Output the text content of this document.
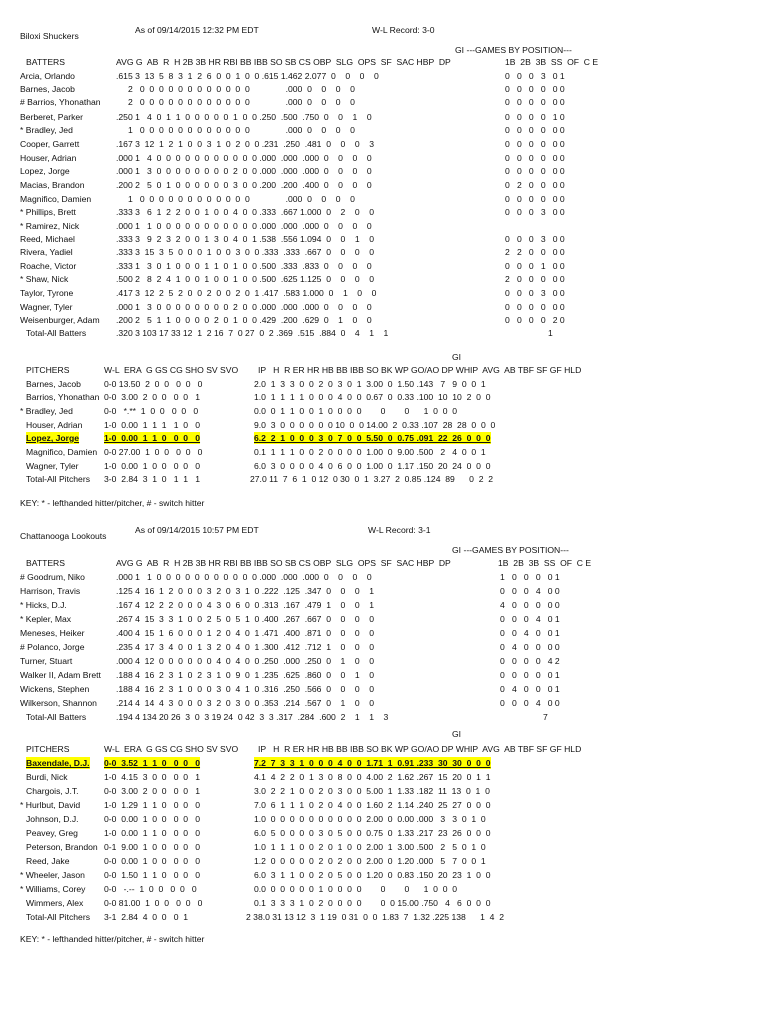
Biloxi Shuckers
As of 09/14/2015 12:32 PM EDT	W-L Record: 3-0
GI ---GAMES BY POSITION---
BATTERS	AVG G  AB  R  H 2B 3B HR RBI BB IBB SO SB CS OBP  SLG  OPS  SF  SAC HBP  DP	1B  2B  3B  SS  OF  C E
Arcia, Orlando	.615 3  13  5  8  3  1  2  6  0  0  1  0  0 .615 1.462 2.077  0    0    0    0	0   0   0   3   0 1
Barnes, Jacob	2   0  0  0  0  0  0  0  0  0  0  0  0               .000  0    0    0    0	0   0   0   0   0 0
# Barrios, Yhonathan 2   0  0  0  0  0  0  0  0  0  0  0  0               .000  0    0    0    0	0   0   0   0   0 0
Berberet, Parker	.250 1   4  0  1  1  0  0  0  0  0  1  0  0 .250  .500  .750  0    0    1    0	0   0   0   0   1 0
* Bradley, Jed	1   0  0  0  0  0  0  0  0  0  0  0  0               .000  0    0    0    0	0   0   0   0   0 0
Cooper, Garrett	.167 3  12  1  2  1  0  0  3  1  0  2  0  0 .231  .250  .481  0    0    0    3	0   0   0   0   0 0
Houser, Adrian	.000 1   4  0  0  0  0  0  0  0  0  0  0  0 .000  .000  .000  0    0    0    0	0   0   0   0   0 0
Lopez, Jorge	.000 1   3  0  0  0  0  0  0  0  0  2  0  0 .000  .000  .000  0    0    0    0	0   0   0   0   0 0
Macias, Brandon	.200 2   5  0  1  0  0  0  0  0  0  3  0  0 .200  .200  .400  0    0    0    0	0   2   0   0   0 0
Magnifico, Damien	1   0  0  0  0  0  0  0  0  0  0  0  0               .000  0    0    0    0	0   0   0   0   0 0
* Phillips, Brett	.333 3   6  1  2  2  0  0  1  0  0  4  0  0 .333  .667 1.000  0    2    0    0	0   0   0   3   0 0
* Ramirez, Nick	.000 1   1  0  0  0  0  0  0  0  0  0  0  0 .000  .000  .000  0    0    0    0
Reed, Michael	.333 3   9  2  3  2  0  0  1  3  0  4  0  1 .538  .556 1.094  0    0    1    0	0   0   0   3   0 0
Rivera, Yadiel	.333 3  15  3  5  0  0  0  1  0  0  3  0  0 .333  .333  .667  0    0    0    0	2   2   0   0   0 0
Roache, Victor	.333 1   3  0  1  0  0  0  1  1  0  1  0  0 .500  .333  .833  0    0    0    0	0   0   0   1   0 0
* Shaw, Nick	.500 2   8  2  4  1  0  0  1  0  0  1  0  0 .500  .625 1.125  0    0    0    0	2   0   0   0   0 0
Taylor, Tyrone	.417 3  12  2  5  2  0  0  2  0  0  2  0  1 .417  .583 1.000  0    1    0    0	0   0   0   3   0 0
Wagner, Tyler	.000 1   3  0  0  0  0  0  0  0  0  2  0  0 .000  .000  .000  0    0    0    0	0   0   0   0   0 0
Weisenburger, Adam .200 2   5  1  1  0  0  0  0  2  0  1  0  0 .429  .200  .629  0    1    0    0	0   0   0   0   2 0
Total-All Batters	.320 3 103 17 33 12  1  2 16  7  0 27  0  2 .369  .515  .884  0    4    1    1	1
GI
PITCHERS	W-L  ERA  G GS CG SHO SV SVO IP   H  R ER HR HB BB IBB SO BK WP GO/AO DP WHIP  AVG  AB TBF SF GF HLD
Barnes, Jacob	0-0 13.50  2  0  0   0  0   0	2.0  1  3  3  0  0  2  0  3  0  1  3.00  0  1.50 .143   7   9  0  0  1
Barrios, Yhonathan 0-0  3.00  2  0  0   0  0   1	1.0  1  1  1  1  0  0  0  4  0  0  0.67  0  0.33 .100  10  10  2  0  0
* Bradley, Jed	0-0   *.**  1  0  0   0  0   0	0.0  0  1  1  0  0  1  0  0  0  0        0        0      1  0  0  0
Houser, Adrian	1-0  0.00  1  1  1   1  0   0	9.0  3  0  0  0  0  0  0 10  0  0 14.00  2  0.33 .107  28  28  0  0  0
Lopez, Jorge	1-0  0.00  1  1  0   0  0   0	6.2  2  1  0  0  0  3  0  7  0  0  5.50  0  0.75 .091  22  26  0  0  0
Magnifico, Damien 0-0 27.00  1  0  0   0  0   0	0.1  1  1  1  0  0  2  0  0  0  0  1.00  0  9.00 .500   2   4  0  0  1
Wagner, Tyler	1-0  0.00  1  0  0   0  0   0	6.0  3  0  0  0  0  4  0  6  0  0  1.00  0  1.17 .150  20  24  0  0  0
Total-All Pitchers 3-0  2.84  3  1  0   1  1   1	27.0 11  7  6  1  0 12  0 30  0  1  3.27  2  0.85 .124  89      0  2  2
KEY: * - lefthanded hitter/pitcher, # - switch hitter
Chattanooga Lookouts
As of 09/14/2015 10:57 PM EDT	W-L Record: 3-1
GI ---GAMES BY POSITION---
BATTERS	AVG G  AB  R  H 2B 3B HR RBI BB IBB SO SB CS OBP  SLG  OPS  SF  SAC HBP  DP	1B  2B  3B  SS  OF  C E
# Goodrum, Niko	.000 1   1  0  0  0  0  0  0  0  0  0  0  0 .000  .000  .000  0    0    0    0	1   0   0   0   0 1
Harrison, Travis	.125 4  16  1  2  0  0  0  3  2  0  3  1  0 .222  .125  .347  0    0    0    1	0   0   0   4   0 0
* Hicks, D.J.	.167 4  12  2  2  0  0  0  4  3  0  6  0  0 .313  .167  .479  1    0    0    1	4   0   0   0   0 0
* Kepler, Max	.267 4  15  3  3  1  0  0  2  5  0  5  1  0 .400  .267  .667  0    0    0    0	0   0   0   4   0 1
Meneses, Heiker	.400 4  15  1  6  0  0  0  1  2  0  4  0  1 .471  .400  .871  0    0    0    0	0   0   4   0   0 1
# Polanco, Jorge	.235 4  17  3  4  0  0  1  3  2  0  4  0  1 .300  .412  .712  1    0    0    0	0   4   0   0   0 0
Turner, Stuart	.000 4  12  0  0  0  0  0  0  4  0  4  0  0 .250  .000  .250  0    1    0    0	0   0   0   0   4 2
Walker II, Adam Brett .188 4  16  2  3  1  0  2  3  1  0  9  0  1 .235  .625  .860  0    0    1    0	0   0   0   0   0 1
Wickens, Stephen	.188 4  16  2  3  1  0  0  0  3  0  4  1  0 .316  .250  .566  0    0    0    0	0   4   0   0   0 1
Wilkerson, Shannon .214 4  14  4  3  0  0  0  3  2  0  3  0  0 .353  .214  .567  0    1    0    0	0   0   0   4   0 0
Total-All Batters	.194 4 134 20 26  3  0  3 19 24  0 42  3  3 .317  .284  .600  2    1    1    3	7
GI
PITCHERS	W-L  ERA  G GS CG SHO SV SVO IP   H  R ER HR HB BB IBB SO BK WP GO/AO DP WHIP  AVG  AB TBF SF GF HLD
Baxendale, D.J. 0-0  3.52  1  1  0   0  0   0	7.2  7  3  3  1  0  0  0  4  0  0  1.71  1  0.91 .233  30  30  0  0  0
Burdi, Nick	1-0  4.15  3  0  0   0  0   1	4.1  4  2  2  0  1  3  0  8  0  0  4.00  2  1.62 .267  15  20  0  1  1
Chargois, J.T.	0-0  3.00  2  0  0   0  0   1	3.0  2  2  1  0  0  2  0  3  0  0  5.00  1  1.33 .182  11  13  0  1  0
* Hurlbut, David	1-0  1.29  1  1  0   0  0   0	7.0  6  1  1  1  0  2  0  4  0  0  1.60  2  1.14 .240  25  27  0  0  0
Johnson, D.J.	0-0  0.00  1  0  0   0  0   0	1.0  0  0  0  0  0  0  0  0  0  0  2.00  0  0.00 .000   3   3  0  1  0
Peavey, Greg	1-0  0.00  1  1  0   0  0   0	6.0  5  0  0  0  0  3  0  5  0  0  0.75  0  1.33 .217  23  26  0  0  0
Peterson, Brandon 0-1  9.00  1  0  0   0  0   0	1.0  1  1  1  0  0  2  0  1  0  0  2.00  1  3.00 .500   2   5  0  1  0
Reed, Jake	0-0  0.00  1  0  0   0  0   0	1.2  0  0  0  0  0  2  0  2  0  0  2.00  0  1.20 .000   5   7  0  0  1
* Wheeler, Jason 0-0  1.50  1  1  0   0  0   0	6.0  3  1  1  0  0  2  0  5  0  0  1.20  0  0.83 .150  20  23  1  0  0
* Williams, Corey 0-0   -.--  1  0  0   0  0   0	0.0  0  0  0  0  0  1  0  0  0  0        0        0      1  0  0  0
Wimmers, Alex 0-0 81.00  1  0  0   0  0   0	0.1  3  3  3  1  0  2  0  0  0  0        0  0 15.00 .750   4   6  0  0  0
Total-All Pitchers 3-1  2.84  4  0  0   0  1	2 38.0 31 13 12  3  1 19  0 31  0  0  1.83  7  1.32 .225 138      1  4  2
KEY: * - lefthanded hitter/pitcher, # - switch hitter
